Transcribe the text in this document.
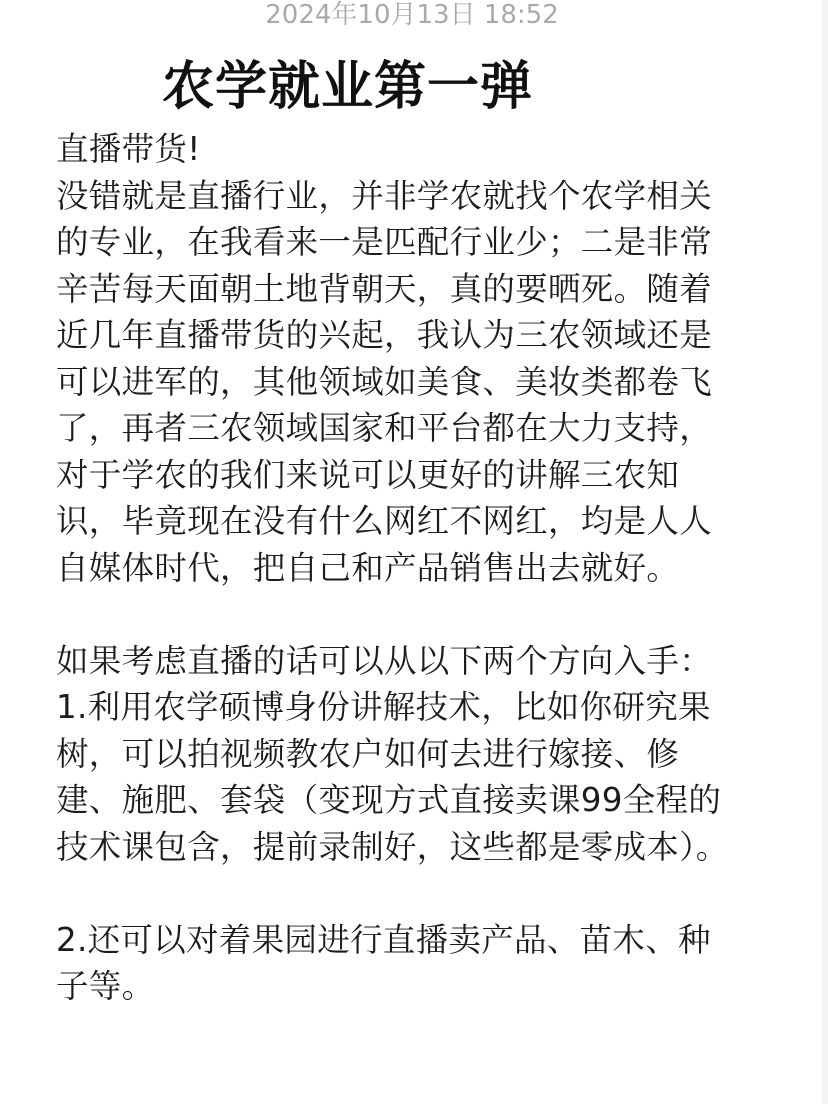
2024年10月13日 18:52
农学就业第一弹
直播带货!
没错就是直播行业，并非学农就找个农学相关
的专业，在我看来一是匹配行业少；二是非常
辛苦每天面朝土地背朝天，真的要晒死。随着
近几年直播带货的兴起，我认为三农领域还是
可以进军的，其他领域如美食、美妆类都卷飞
了，再者三农领域国家和平台都在大力支持，
对于学农的我们来说可以更好的讲解三农知
识，毕竟现在没有什么网红不网红，均是人人
自媒体时代，把自己和产品销售出去就好。
如果考虑直播的话可以从以下两个方向入手：
1.利用农学硕博身份讲解技术，比如你研究果
树，可以拍视频教农户如何去进行嫁接、修
建、施肥、套袋（变现方式直接卖课99全程的
技术课包含，提前录制好，这些都是零成本）。
2.还可以对着果园进行直播卖产品、苗木、种
子等。
